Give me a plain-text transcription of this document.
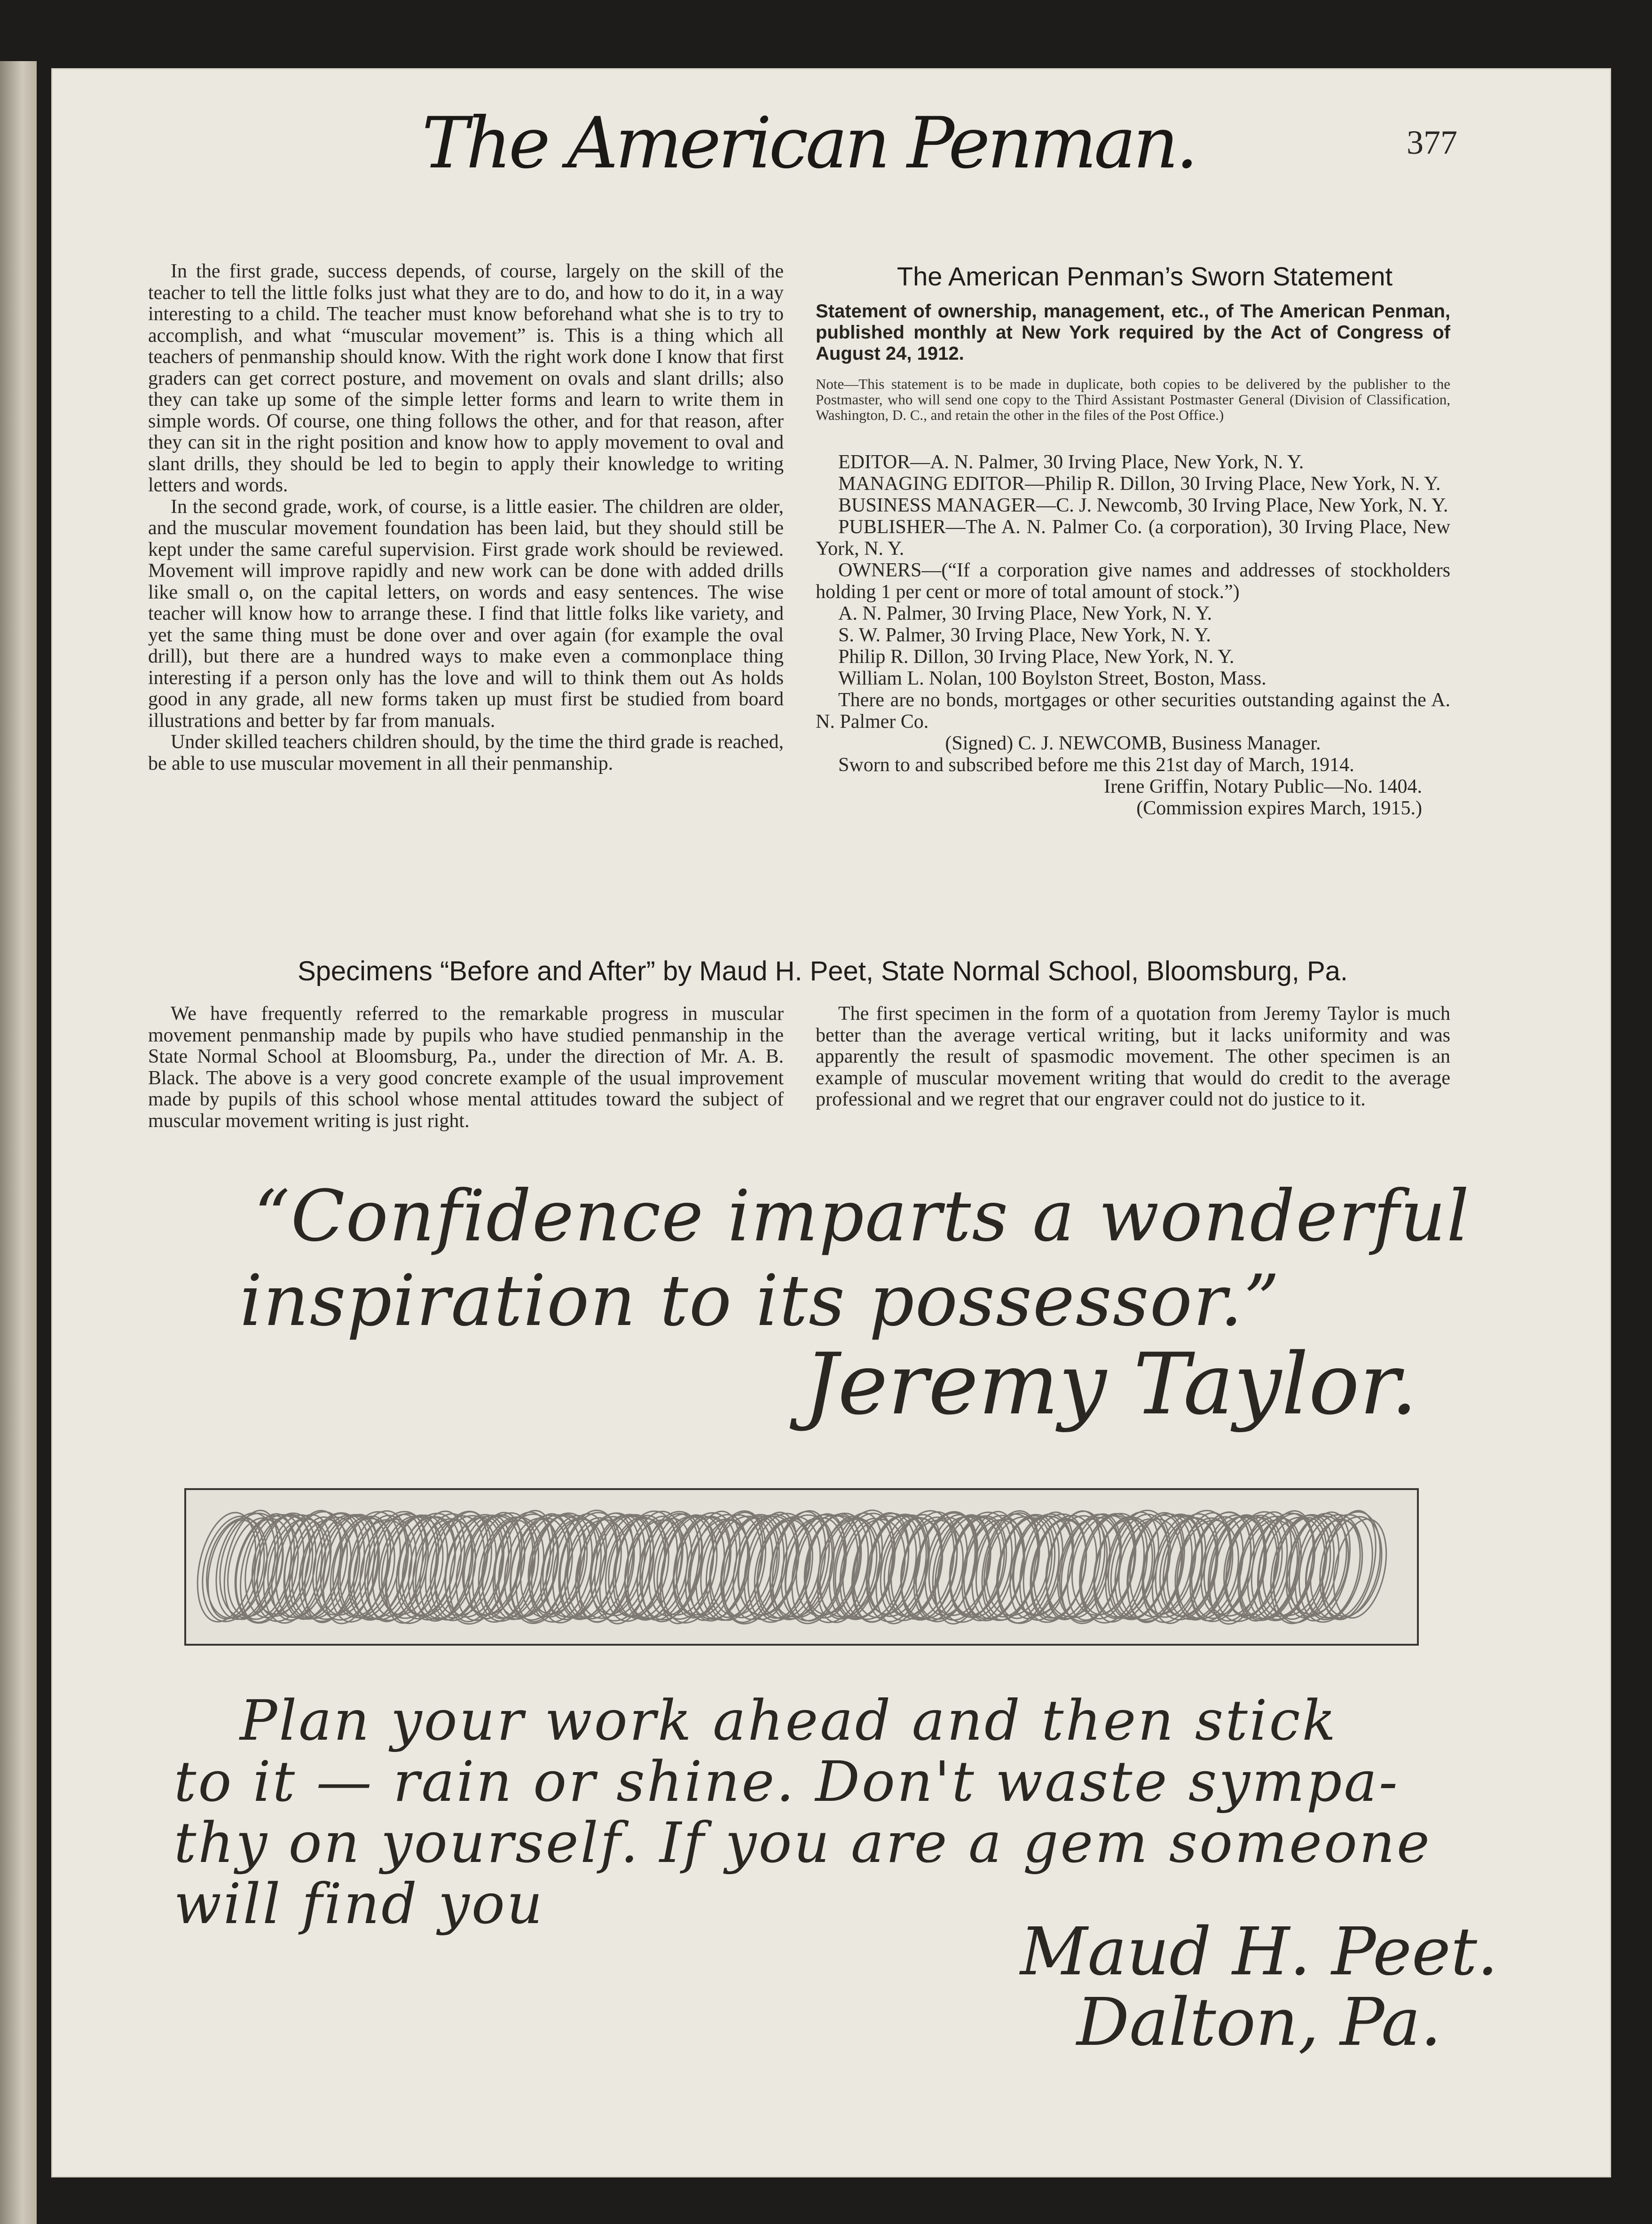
The American Penman.	377

In the first grade, success depends, of course, largely on the skill of the teacher to tell the little folks just what they are to do, and how to do it, in a way interesting to a child. The teacher must know beforehand what she is to try to accomplish, and what “muscular movement” is. This is a thing which all teachers of penmanship should know. With the right work done I know that first graders can get correct posture, and movement on ovals and slant drills; also they can take up some of the simple letter forms and learn to write them in simple words. Of course, one thing follows the other, and for that reason, after they can sit in the right position and know how to apply movement to oval and slant drills, they should be led to begin to apply their knowledge to writing letters and words.

In the second grade, work, of course, is a little easier. The children are older, and the muscular movement foundation has been laid, but they should still be kept under the same careful supervision. First grade work should be reviewed. Movement will improve rapidly and new work can be done with added drills like small o, on the capital letters, on words and easy sentences. The wise teacher will know how to arrange these. I find that little folks like variety, and yet the same thing must be done over and over again (for example the oval drill), but there are a hundred ways to make even a commonplace thing interesting if a person only has the love and will to think them out As holds good in any grade, all new forms taken up must first be studied from board illustrations and better by far from manuals.

Under skilled teachers children should, by the time the third grade is reached, be able to use muscular movement in all their penmanship.

The American Penman’s Sworn Statement
Statement of ownership, management, etc., of The American Penman, published monthly at New York required by the Act of Congress of August 24, 1912.
Note—This statement is to be made in duplicate, both copies to be delivered by the publisher to the Postmaster, who will send one copy to the Third Assistant Postmaster General (Division of Classification, Washington, D. C., and retain the other in the files of the Post Office.)
EDITOR—A. N. Palmer, 30 Irving Place, New York, N. Y.
MANAGING EDITOR—Philip R. Dillon, 30 Irving Place, New York, N. Y.
BUSINESS MANAGER—C. J. Newcomb, 30 Irving Place, New York, N. Y.
PUBLISHER—The A. N. Palmer Co. (a corporation), 30 Irving Place, New York, N. Y.
OWNERS—(“If a corporation give names and addresses of stockholders holding 1 per cent or more of total amount of stock.”)
A. N. Palmer, 30 Irving Place, New York, N. Y.
S. W. Palmer, 30 Irving Place, New York, N. Y.
Philip R. Dillon, 30 Irving Place, New York, N. Y.
William L. Nolan, 100 Boylston Street, Boston, Mass.
There are no bonds, mortgages or other securities outstanding against the A. N. Palmer Co.
(Signed) C. J. NEWCOMB, Business Manager.
Sworn to and subscribed before me this 21st day of March, 1914.
Irene Griffin, Notary Public—No. 1404.
(Commission expires March, 1915.)
Specimens “Before and After” by Maud H. Peet, State Normal School, Bloomsburg, Pa.

We have frequently referred to the remarkable progress in muscular movement penmanship made by pupils who have studied penmanship in the State Normal School at Bloomsburg, Pa., under the direction of Mr. A. B. Black. The above is a very good concrete example of the usual improvement made by pupils of this school whose mental attitudes toward the subject of muscular movement writing is just right.

The first specimen in the form of a quotation from Jeremy Taylor is much better than the average vertical writing, but it lacks uniformity and was apparently the result of spasmodic movement. The other specimen is an example of muscular movement writing that would do credit to the average professional and we regret that our engraver could not do justice to it.

“Confidence imparts a wonderful
inspiration to its possessor.”
Jeremy Taylor.
Plan your work ahead and then stick
to it — rain or shine. Don't waste sympa-
thy on yourself. If you are a gem someone
will find you
Maud H. Peet.
Dalton, Pa.
